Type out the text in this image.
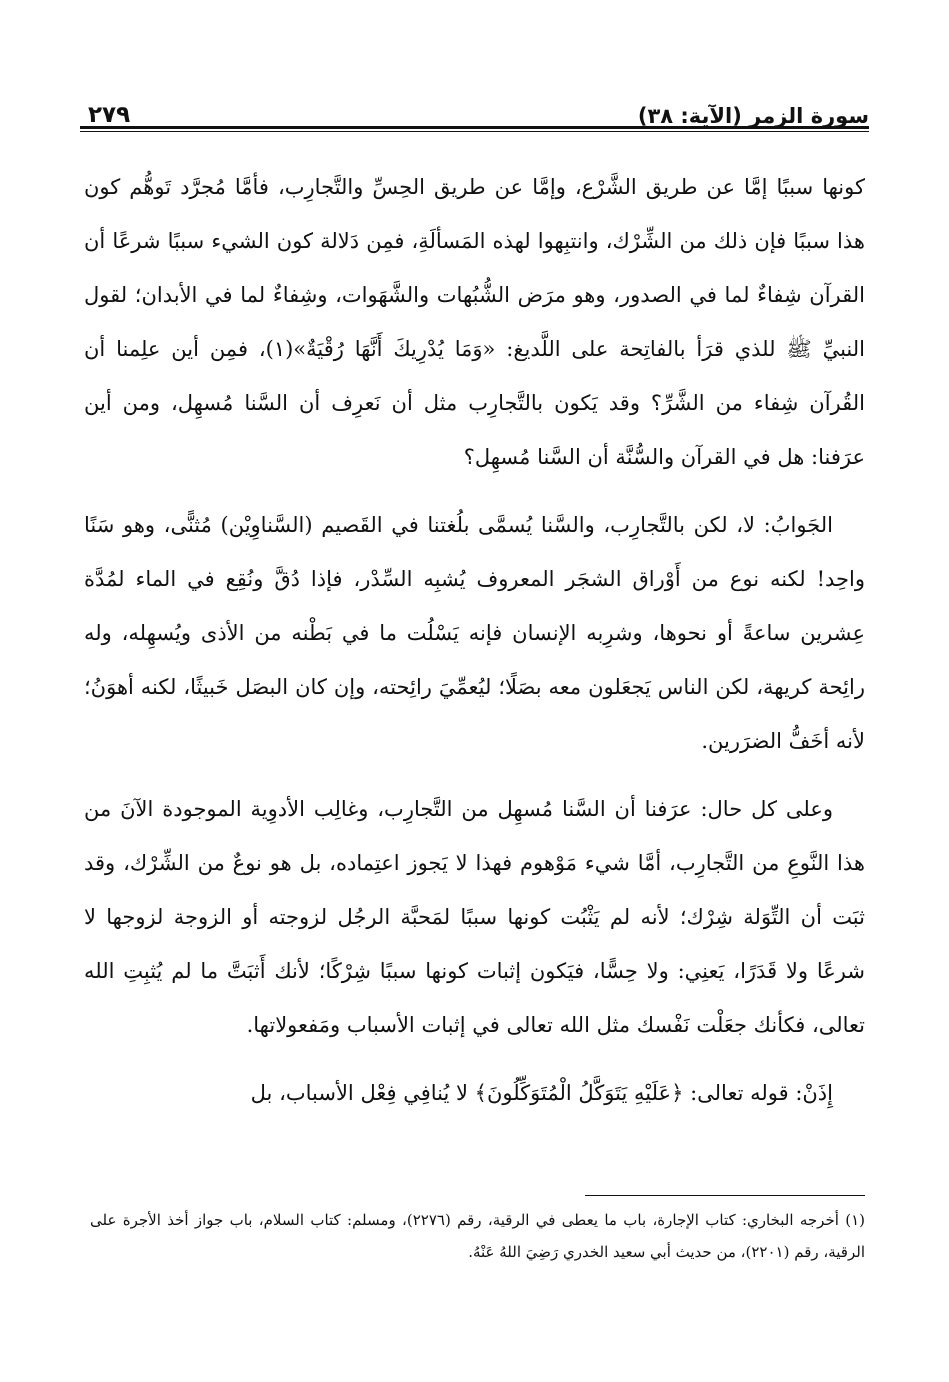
سورة الزمر (الآية: ٣٨)
٢٧٩

كونها سببًا إمَّا عن طريق الشَّرْع، وإمَّا عن طريق الحِسِّ والتَّجارِب، فأمَّا مُجرَّد تَوهُّم كون هذا سببًا فإن ذلك من الشِّرْك، وانتبِهوا لهذه المَسألَةِ، فمِن دَلالة كون الشيء سببًا شرعًا أن القرآن شِفاءٌ لما في الصدور، وهو مرَض الشُّبُهات والشَّهَوات، وشِفاءٌ لما في الأبدان؛ لقول النبيِّ ﷺ للذي قرَأ بالفاتِحة على اللَّديغ: «وَمَا يُدْرِيكَ أَنَّهَا رُقْيَةٌ»(١)، فمِن أين علِمنا أن القُرآن شِفاء من الشَّرِّ؟ وقد يَكون بالتَّجارِب مثل أن نَعرِف أن السَّنا مُسهِل، ومن أين عرَفنا: هل في القرآن والسُّنَّة أن السَّنا مُسهِل؟

الجَوابُ: لا، لكن بالتَّجارِب، والسَّنا يُسمَّى بلُغتنا في القَصيم (السَّناوِيْن) مُثنًّى، وهو سَنًا واحِد! لكنه نوع من أَوْراق الشجَر المعروف يُشبِه السِّدْر، فإذا دُقَّ ونُقِع في الماء لمُدَّة عِشرين ساعةً أو نحوها، وشرِبه الإنسان فإنه يَسْلُت ما في بَطْنه من الأذى ويُسهِله، وله رائِحة كريهة، لكن الناس يَجعَلون معه بصَلًا؛ ليُعمِّيَ رائِحته، وإن كان البصَل خَبيثًا، لكنه أهوَنُ؛ لأنه أخَفُّ الضرَرين.

وعلى كل حال: عرَفنا أن السَّنا مُسهِل من التَّجارِب، وغالِب الأدوِية الموجودة الآنَ من هذا النَّوعِ من التَّجارِب، أمَّا شيء مَوْهوم فهذا لا يَجوز اعتِماده، بل هو نوعٌ من الشِّرْك، وقد ثبَت أن التِّوَلة شِرْك؛ لأنه لم يَثْبُت كونها سببًا لمَحبَّة الرجُل لزوجته أو الزوجة لزوجها لا شرعًا ولا قَدَرًا، يَعنِي: ولا حِسًّا، فيَكون إثبات كونها سببًا شِرْكًا؛ لأنك أَثبَتَّ ما لم يُثبِتِ الله تعالى، فكأنك جعَلْت نَفْسك مثل الله تعالى في إثبات الأسباب ومَفعولاتها.

إِذَنْ: قوله تعالى: ﴿عَلَيْهِ يَتَوَكَّلُ الْمُتَوَكِّلُونَ﴾ لا يُنافِي فِعْل الأسباب، بل

(١) أخرجه البخاري: كتاب الإجارة، باب ما يعطى في الرقية، رقم (٢٢٧٦)، ومسلم: كتاب السلام، باب جواز أخذ الأجرة على الرقية، رقم (٢٢٠١)، من حديث أبي سعيد الخدري رَضِيَ اللهُ عَنْهُ.
